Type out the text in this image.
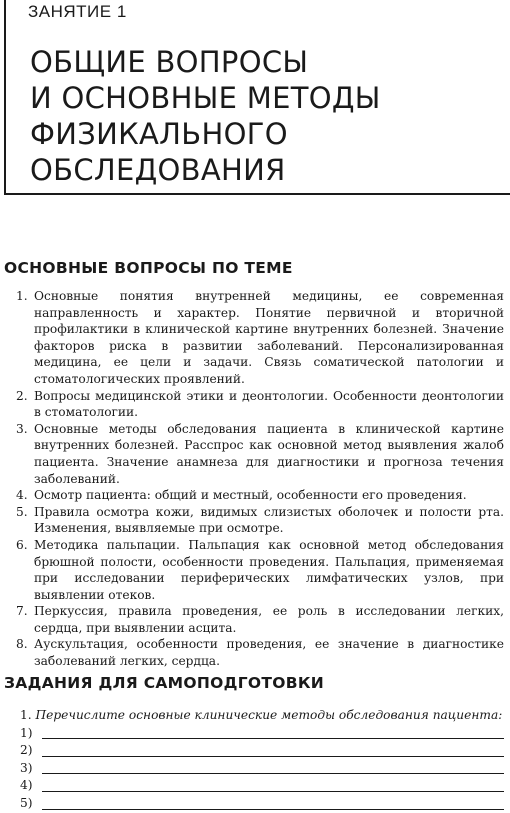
ЗАНЯТИЕ 1
ОБЩИЕ ВОПРОСЫ
И ОСНОВНЫЕ МЕТОДЫ
ФИЗИКАЛЬНОГО
ОБСЛЕДОВАНИЯ
ОСНОВНЫЕ ВОПРОСЫ ПО ТЕМЕ
1. Основные понятия внутренней медицины, ее современная направленность и характер. Понятие первичной и вторичной профилактики в клинической картине внутренних болезней. Значение факторов риска в развитии заболеваний. Персонализированная медицина, ее цели и задачи. Связь соматической патологии и стоматологических проявлений.
2. Вопросы медицинской этики и деонтологии. Особенности деонтологии в стоматологии.
3. Основные методы обследования пациента в клинической картине внутренних болезней. Расспрос как основной метод выявления жалоб пациента. Значение анамнеза для диагностики и прогноза течения заболеваний.
4. Осмотр пациента: общий и местный, особенности его проведения.
5. Правила осмотра кожи, видимых слизистых оболочек и полости рта. Изменения, выявляемые при осмотре.
6. Методика пальпации. Пальпация как основной метод обследования брюшной полости, особенности проведения. Пальпация, применяемая при исследовании периферических лимфатических узлов, при выявлении отеков.
7. Перкуссия, правила проведения, ее роль в исследовании легких, сердца, при выявлении асцита.
8. Аускультация, особенности проведения, ее значение в диагностике заболеваний легких, сердца.
ЗАДАНИЯ ДЛЯ САМОПОДГОТОВКИ
1. Перечислите основные клинические методы обследования пациента:
1)
2)
3)
4)
5)
